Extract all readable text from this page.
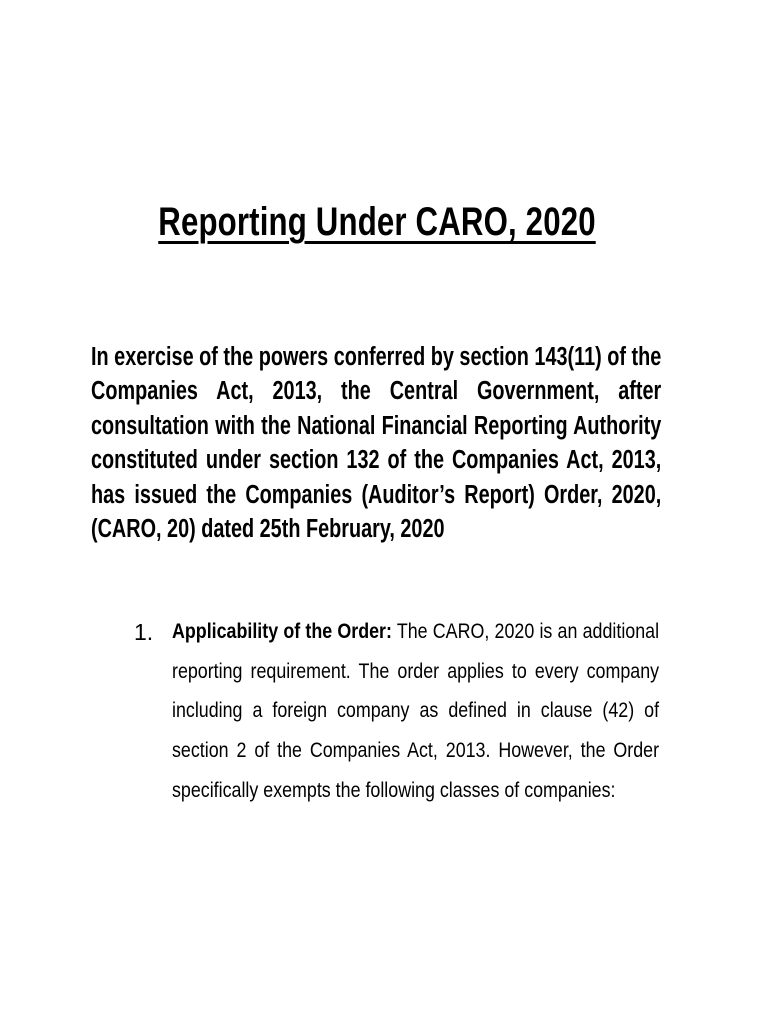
Reporting Under CARO, 2020
In exercise of the powers conferred by section 143(11) of the Companies Act, 2013, the Central Government, after consultation with the National Financial Reporting Authority constituted under section 132 of the Companies Act, 2013, has issued the Companies (Auditor’s Report) Order, 2020, (CARO, 20) dated 25th February, 2020
1. Applicability of the Order: The CARO, 2020 is an additional reporting requirement. The order applies to every company including a foreign company as defined in clause (42) of section 2 of the Companies Act, 2013. However, the Order specifically exempts the following classes of companies:
